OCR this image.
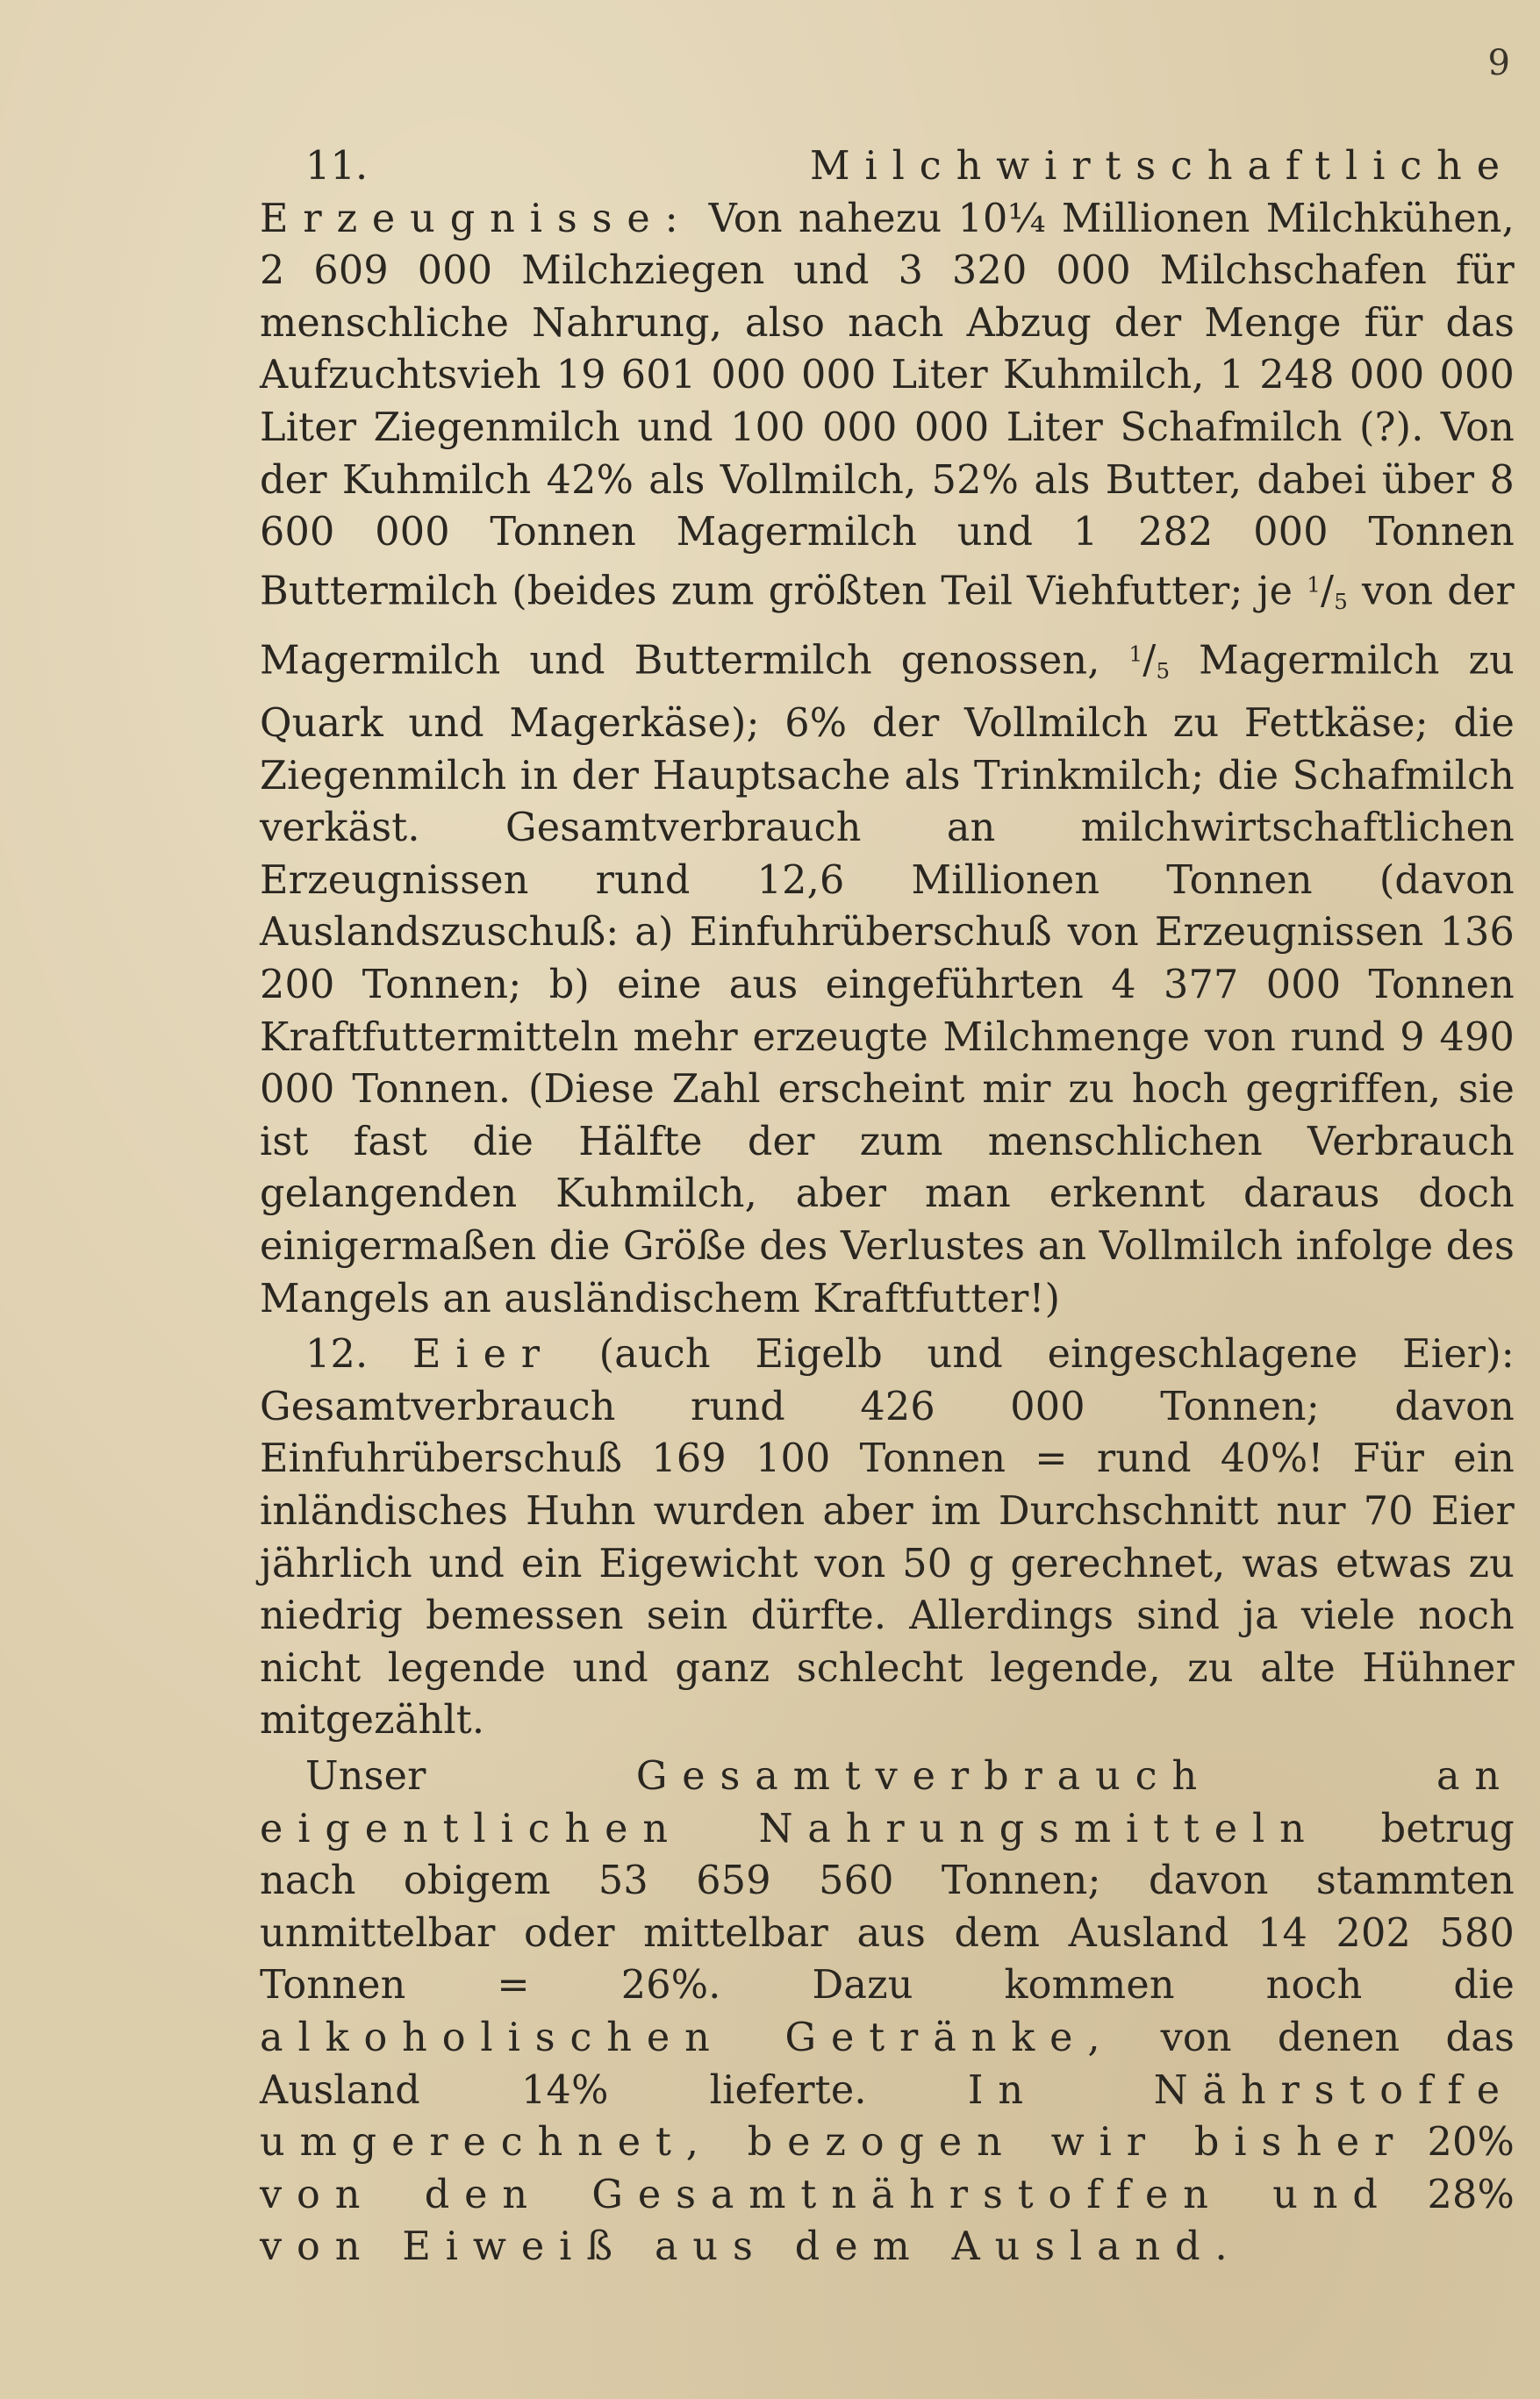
9

11.	Milchwirtschaftliche Erzeugnisse: Von nahezu 10¼ Millionen Milchkühen, 2 609 000 Milchziegen und 3 320 000 Milchschafen für menschliche Nahrung, also nach Abzug der Menge für das Aufzuchtsvieh 19 601 000 000 Liter Kuhmilch, 1 248 000 000 Liter Ziegenmilch und 100 000 000 Liter Schafmilch (?). Von der Kuhmilch 42% als Vollmilch, 52% als Butter, dabei über 8 600 000 Tonnen Magermilch und 1 282 000 Tonnen Buttermilch (beides zum größten Teil Viehfutter; je $^1$/5 von der Magermilch und Buttermilch genossen, $^1$/5 Magermilch zu Quark und Magerkäse); 6% der Vollmilch zu Fettkäse; die Ziegenmilch in der Hauptsache als Trinkmilch; die Schafmilch verkäst. Gesamtverbrauch an milchwirtschaftlichen Erzeugnissen rund 12,6 Millionen Tonnen (davon Auslandszuschuß: a) Einfuhrüberschuß von Erzeugnissen 136 200 Tonnen; b) eine aus eingeführten 4 377 000 Tonnen Kraftfuttermitteln mehr erzeugte Milchmenge von rund 9 490 000 Tonnen. (Diese Zahl erscheint mir zu hoch gegriffen, sie ist fast die Hälfte der zum menschlichen Verbrauch gelangenden Kuhmilch, aber man erkennt daraus doch einigermaßen die Größe des Verlustes an Vollmilch infolge des Mangels an ausländischem Kraftfutter!)

12. Eier (auch Eigelb und eingeschlagene Eier): Gesamtverbrauch rund 426 000 Tonnen; davon Einfuhrüberschuß 169 100 Tonnen = rund 40%! Für ein inländisches Huhn wurden aber im Durchschnitt nur 70 Eier jährlich und ein Eigewicht von 50 g gerechnet, was etwas zu niedrig bemessen sein dürfte. Allerdings sind ja viele noch nicht legende und ganz schlecht legende, zu alte Hühner mitgezählt.

Unser	Gesamtverbrauch an eigentlichen Nahrungsmitteln betrug nach obigem 53 659 560 Tonnen; davon stammten unmittelbar oder mittelbar aus dem Ausland 14 202 580 Tonnen = 26%. Dazu kommen noch die alkoholischen Getränke, von denen das Ausland 14% lieferte.	In Nährstoffe umgerechnet, bezogen wir bisher 20% von den Gesamtnährstoffen und 28% von Eiweiß aus dem Ausland.
